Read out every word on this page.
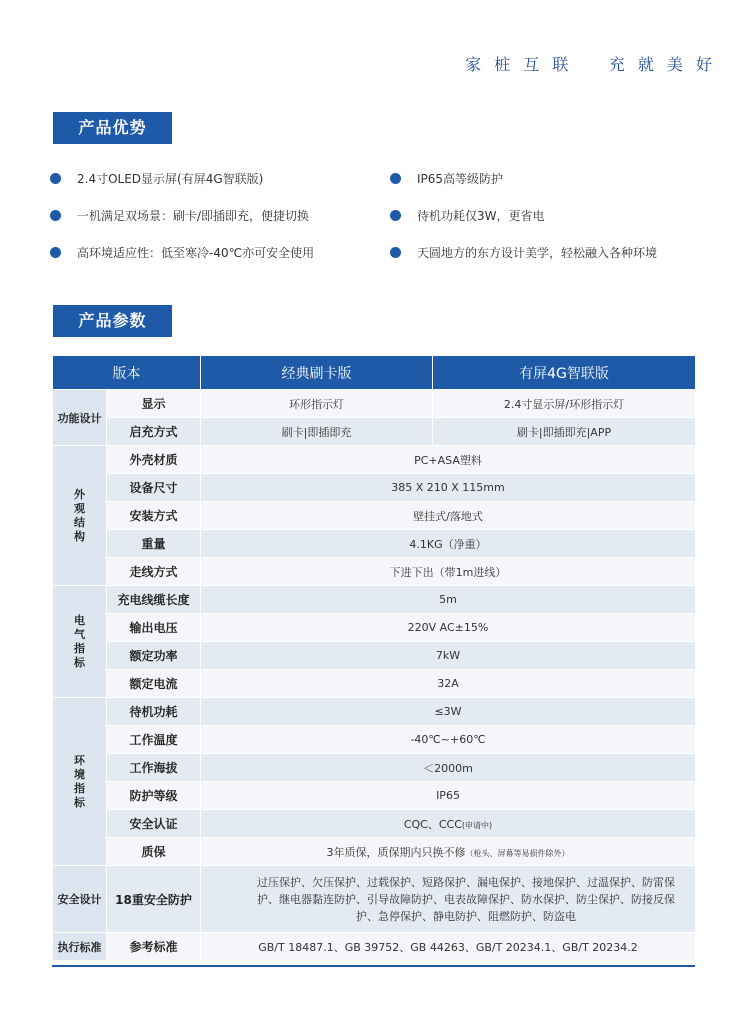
家 桩 互 联    充 就 美 好
产品优势
2.4寸OLED显示屏(有屏4G智联版)	IP65高等级防护
一机满足双场景：刷卡/即插即充，便捷切换	待机功耗仅3W，更省电
高环境适应性：低至寒冷-40℃亦可安全使用	天圆地方的东方设计美学，轻松融入各种环境
产品参数
版本		经典刷卡版	有屏4G智联版
功能设计	显示	环形指示灯	2.4寸显示屏/环形指示灯
	启充方式	刷卡|即插即充	刷卡|即插即充|APP
外
观
结
构	外壳材质	PC+ASA塑料	
	设备尺寸	385 X 210 X 115mm	
	安装方式	壁挂式/落地式	
	重量	4.1KG（净重）	
	走线方式	下进下出（带1m进线）	
电
气
指
标	充电线缆长度	5m	
	输出电压	220V AC±15%	
	额定功率	7kW	
	额定电流	32A	
环
境
指
标	待机功耗	≤3W	
	工作温度	-40℃~+60℃	
	工作海拔	＜2000m	
	防护等级	IP65	
	安全认证	CQC、CCC(申请中)	
	质保	3年质保，质保期内只换不修（枪头、屏幕等易损件除外）	
安全设计	18重安全防护	过压保护、欠压保护、过载保护、短路保护、漏电保护、接地保护、过温保护、防雷保护、继电器黏连防护、引导故障防护、电表故障保护、防水保护、防尘保护、防接反保护、急停保护、静电防护、阻燃防护、防盗电	
执行标准	参考标准	GB/T 18487.1、GB 39752、GB 44263、GB/T 20234.1、GB/T 20234.2	
